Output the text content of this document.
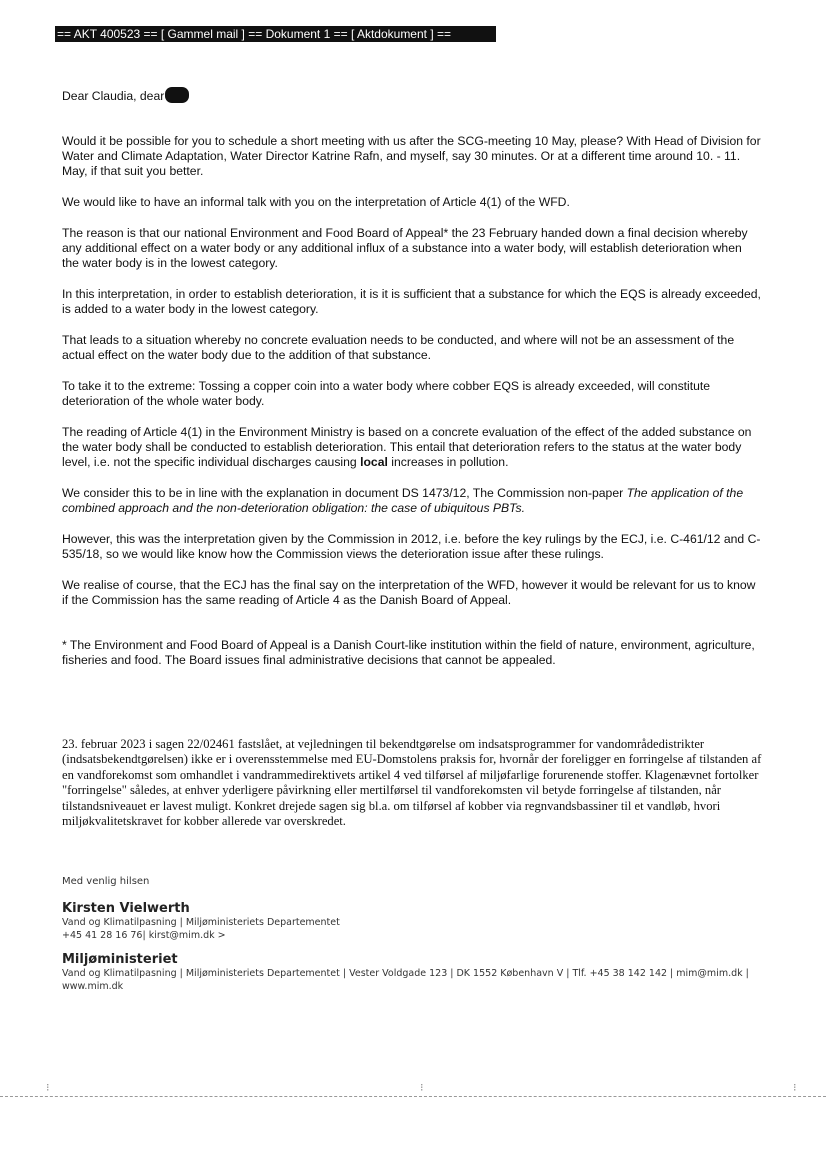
== AKT 400523 == [ Gammel mail ] == Dokument 1 == [ Aktdokument ] ==

Dear Claudia, dear

Would it be possible for you to schedule a short meeting with us after the SCG-meeting 10 May, please? With Head of Division for Water and Climate Adaptation, Water Director Katrine Rafn, and myself, say 30 minutes. Or at a different time around 10. - 11. May, if that suit you better.

We would like to have an informal talk with you on the interpretation of Article 4(1) of the WFD.

The reason is that our national Environment and Food Board of Appeal* the 23 February handed down a final decision whereby any additional effect on a water body or any additional influx of a substance into a water body, will establish deterioration when the water body is in the lowest category.

In this interpretation, in order to establish deterioration, it is it is sufficient that a substance for which the EQS is already exceeded, is added to a water body in the lowest category.

That leads to a situation whereby no concrete evaluation needs to be conducted, and where will not be an assessment of the actual effect on the water body due to the addition of that substance.

To take it to the extreme: Tossing a copper coin into a water body where cobber EQS is already exceeded, will constitute deterioration of the whole water body.

The reading of Article 4(1) in the Environment Ministry is based on a concrete evaluation of the effect of the added substance on the water body shall be conducted to establish deterioration. This entail that deterioration refers to the status at the water body level, i.e. not the specific individual discharges causing local increases in pollution.

We consider this to be in line with the explanation in document DS 1473/12, The Commission non-paper The application of the combined approach and the non-deterioration obligation: the case of ubiquitous PBTs.

However, this was the interpretation given by the Commission in 2012, i.e. before the key rulings by the ECJ, i.e. C-461/12 and C-535/18, so we would like know how the Commission views the deterioration issue after these rulings.

We realise of course, that the ECJ has the final say on the interpretation of the WFD, however it would be relevant for us to know if the Commission has the same reading of Article 4 as the Danish Board of Appeal.

* The Environment and Food Board of Appeal is a Danish Court-like institution within the field of nature, environment, agriculture, fisheries and food. The Board issues final administrative decisions that cannot be appealed.

23. februar 2023 i sagen 22/02461 fastslået, at vejledningen til bekendtgørelse om indsatsprogrammer for vandområdedistrikter (indsatsbekendtgørelsen) ikke er i overensstemmelse med EU-Domstolens praksis for, hvornår der foreligger en forringelse af tilstanden af en vandforekomst som omhandlet i vandrammedirektivets artikel 4 ved tilførsel af miljøfarlige forurenende stoffer. Klagenævnet fortolker "forringelse" således, at enhver yderligere påvirkning eller mertilførsel til vandforekomsten vil betyde forringelse af tilstanden, når tilstandsniveauet er lavest muligt. Konkret drejede sagen sig bl.a. om tilførsel af kobber via regnvandsbassiner til et vandløb, hvori miljøkvalitetskravet for kobber allerede var overskredet.

Med venlig hilsen
Kirsten Vielwerth
Vand og Klimatilpasning | Miljøministeriets Departementet
+45 41 28 16 76| kirst@mim.dk >
Miljøministeriet
Vand og Klimatilpasning | Miljøministeriets Departementet | Vester Voldgade 123 | DK 1552 København V | Tlf. +45 38 142 142 | mim@mim.dk |
www.mim.dk
⁝	⁝	⁝
